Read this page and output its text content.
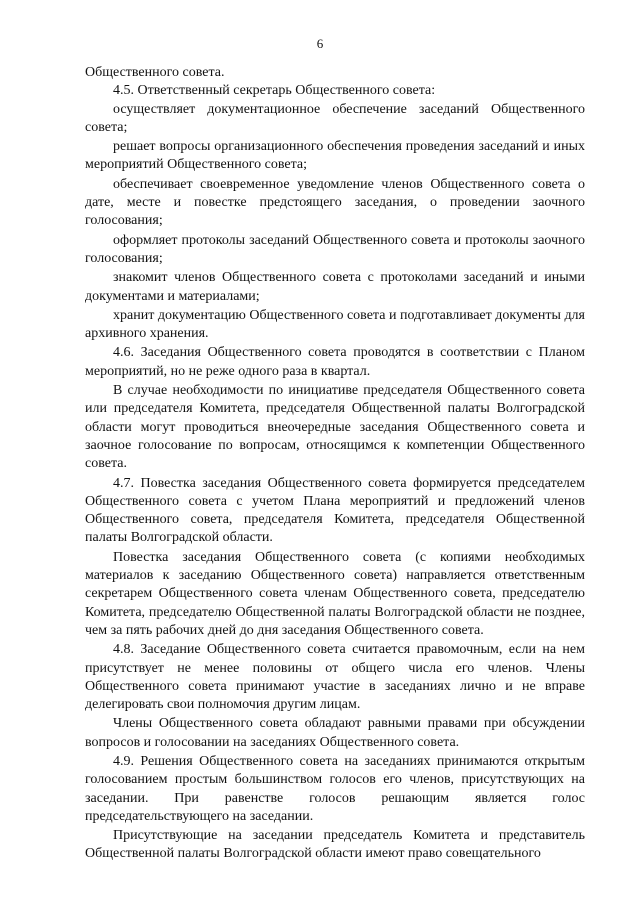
6

Общественного совета.

4.5. Ответственный секретарь Общественного совета:

осуществляет документационное обеспечение заседаний Общественного совета;

решает вопросы организационного обеспечения проведения заседаний и иных мероприятий Общественного совета;

обеспечивает своевременное уведомление членов Общественного совета о дате, месте и повестке предстоящего заседания, о проведении заочного голосования;

оформляет протоколы заседаний Общественного совета и протоколы заочного голосования;

знакомит членов Общественного совета с протоколами заседаний и иными документами и материалами;

хранит документацию Общественного совета и подготавливает документы для архивного хранения.

4.6. Заседания Общественного совета проводятся в соответствии с Планом мероприятий, но не реже одного раза в квартал.

В случае необходимости по инициативе председателя Общественного совета или председателя Комитета, председателя Общественной палаты Волгоградской области могут проводиться внеочередные заседания Общественного совета и заочное голосование по вопросам, относящимся к компетенции Общественного совета.

4.7. Повестка заседания Общественного совета формируется председателем Общественного совета с учетом Плана мероприятий и предложений членов Общественного совета, председателя Комитета, председателя Общественной палаты Волгоградской области.

Повестка заседания Общественного совета (с копиями необходимых материалов к заседанию Общественного совета) направляется ответственным секретарем Общественного совета членам Общественного совета, председателю Комитета, председателю Общественной палаты Волгоградской области не позднее, чем за пять рабочих дней до дня заседания Общественного совета.

4.8. Заседание Общественного совета считается правомочным, если на нем присутствует не менее половины от общего числа его членов. Члены Общественного совета принимают участие в заседаниях лично и не вправе делегировать свои полномочия другим лицам.

Члены Общественного совета обладают равными правами при обсуждении вопросов и голосовании на заседаниях Общественного совета.

4.9. Решения Общественного совета на заседаниях принимаются открытым голосованием простым большинством голосов его членов, присутствующих на заседании. При равенстве голосов решающим является голос председательствующего на заседании.

Присутствующие на заседании председатель Комитета и представитель Общественной палаты Волгоградской области имеют право совещательного
